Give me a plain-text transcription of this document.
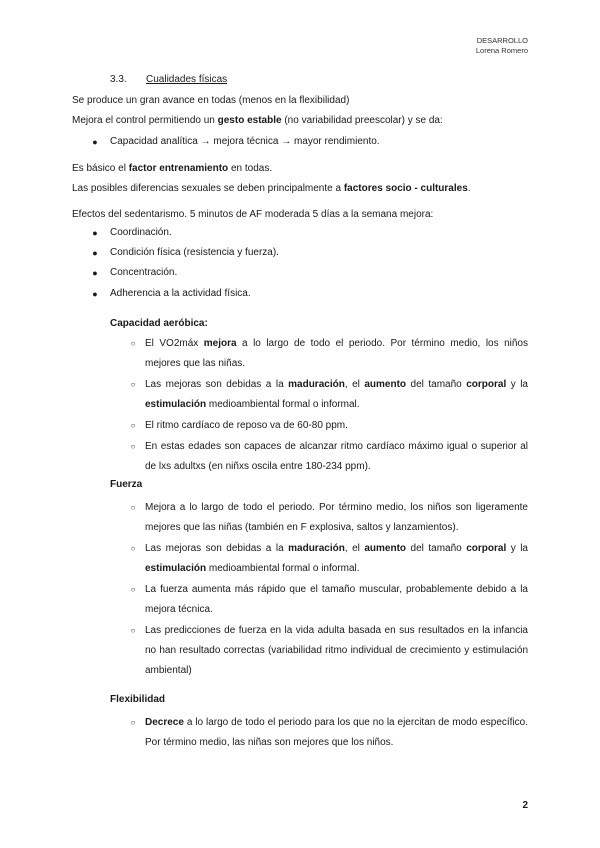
DESARROLLO
Lorena Romero
3.3. Cualidades físicas
Se produce un gran avance en todas (menos en la flexibilidad)
Mejora el control permitiendo un gesto estable (no variabilidad preescolar) y se da:
● Capacidad analítica → mejora técnica → mayor rendimiento.
Es básico el factor entrenamiento en todas.
Las posibles diferencias sexuales se deben principalmente a factores socio - culturales.
Efectos del sedentarismo. 5 minutos de AF moderada 5 días a la semana mejora:
● Coordinación.
● Condición física (resistencia y fuerza).
● Concentración.
● Adherencia a la actividad física.
Capacidad aeróbica:
○ El VO2máx mejora a lo largo de todo el periodo. Por término medio, los niños mejores que las niñas.
○ Las mejoras son debidas a la maduración, el aumento del tamaño corporal y la estimulación medioambiental formal o informal.
○ El ritmo cardíaco de reposo va de 60-80 ppm.
○ En estas edades son capaces de alcanzar ritmo cardíaco máximo igual o superior al de lxs adultxs (en niñxs oscila entre 180-234 ppm).
Fuerza
○ Mejora a lo largo de todo el periodo. Por término medio, los niños son ligeramente mejores que las niñas (también en F explosiva, saltos y lanzamientos).
○ Las mejoras son debidas a la maduración, el aumento del tamaño corporal y la estimulación medioambiental formal o informal.
○ La fuerza aumenta más rápido que el tamaño muscular, probablemente debido a la mejora técnica.
○ Las predicciones de fuerza en la vida adulta basada en sus resultados en la infancia no han resultado correctas (variabilidad ritmo individual de crecimiento y estimulación ambiental)
Flexibilidad
○ Decrece a lo largo de todo el periodo para los que no la ejercitan de modo específico. Por término medio, las niñas son mejores que los niños.
2
